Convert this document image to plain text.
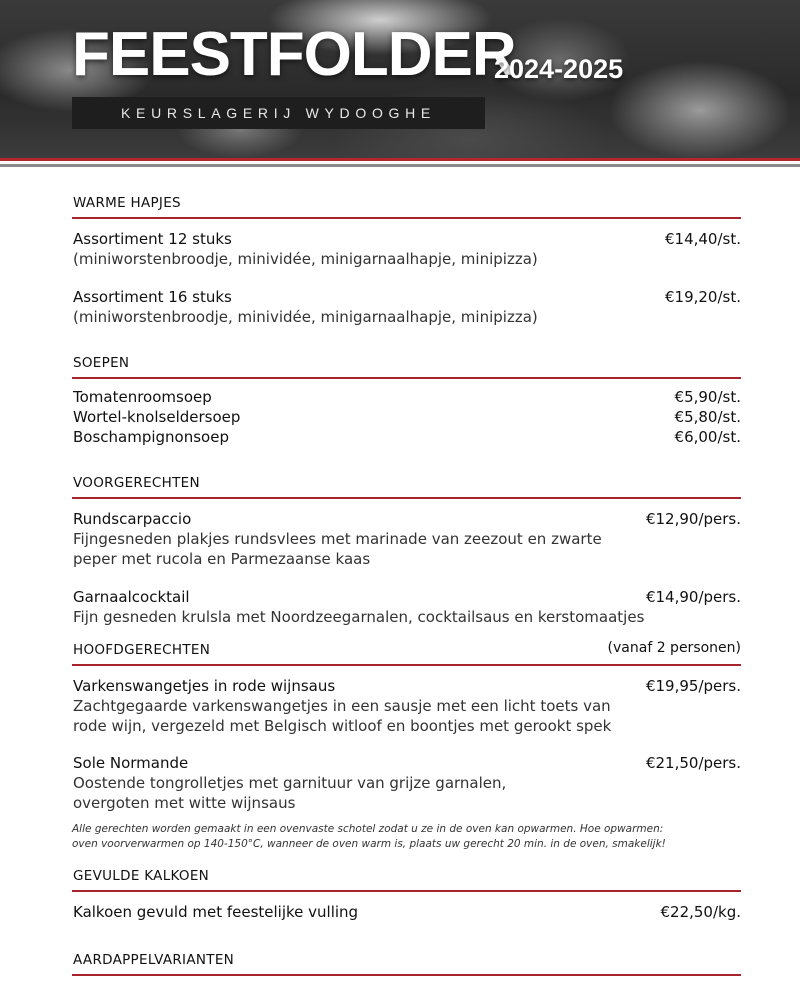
FEESTFOLDER
2024-2025
KEURSLAGERIJ WYDOOGHE
WARME HAPJES
Assortiment 12 stuks	€14,40/st.
(miniworstenbroodje, minividée, minigarnaalhapje, minipizza)
Assortiment 16 stuks	€19,20/st.
(miniworstenbroodje, minividée, minigarnaalhapje, minipizza)
SOEPEN
Tomatenroomsoep	€5,90/st.
Wortel-knolseldersoep	€5,80/st.
Boschampignonsoep	€6,00/st.
VOORGERECHTEN
Rundscarpaccio	€12,90/pers.
Fijngesneden plakjes rundsvlees met marinade van zeezout en zwarte
peper met rucola en Parmezaanse kaas
Garnaalcocktail	€14,90/pers.
Fijn gesneden krulsla met Noordzeegarnalen, cocktailsaus en kerstomaatjes
HOOFDGERECHTEN	(vanaf 2 personen)
Varkenswangetjes in rode wijnsaus	€19,95/pers.
Zachtgegaarde varkenswangetjes in een sausje met een licht toets van
rode wijn, vergezeld met Belgisch witloof en boontjes met gerookt spek
Sole Normande	€21,50/pers.
Oostende tongrolletjes met garnituur van grijze garnalen,
overgoten met witte wijnsaus
Alle gerechten worden gemaakt in een ovenvaste schotel zodat u ze in de oven kan opwarmen. Hoe opwarmen:
oven voorverwarmen op 140-150°C, wanneer de oven warm is, plaats uw gerecht 20 min. in de oven, smakelijk!
GEVULDE KALKOEN
Kalkoen gevuld met feestelijke vulling	€22,50/kg.
AARDAPPELVARIANTEN
